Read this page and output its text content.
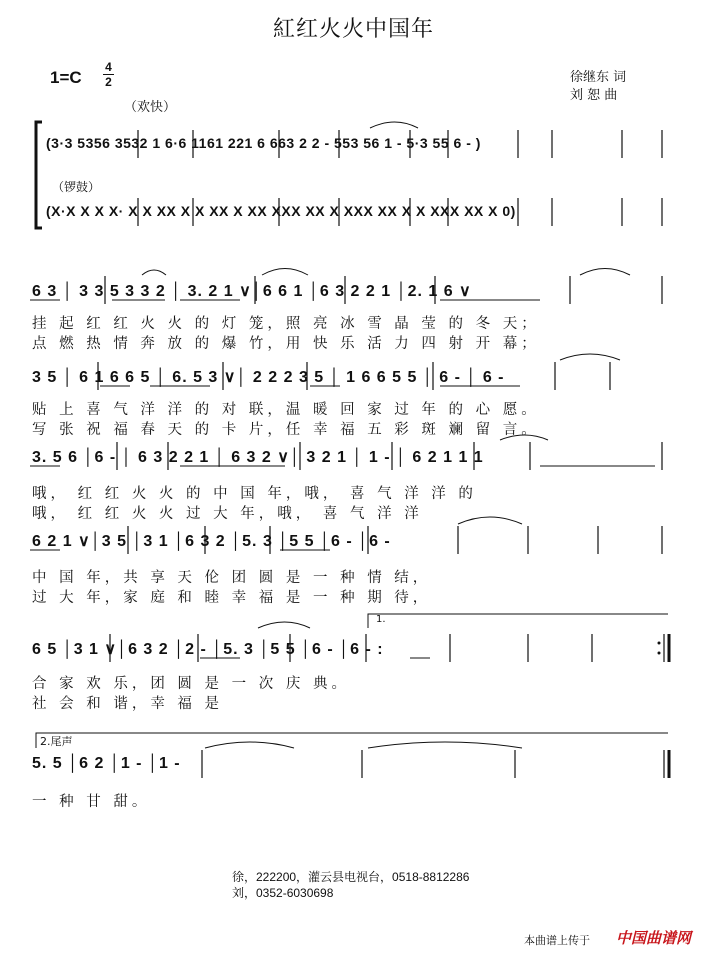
紅红火火中国年
1=C
4
2
（欢快）
徐继东 词
刘 恕 曲
(3·3 5356 3532 1 6·6 1161 221 6 663 2 2 - 553 56 1 - 5·3 55 6 - )
（锣鼓）
(X·X X X X· X X XX X X XX X XX XXX XX X XXX XX X X XXX XX X 0)
6 3 │ 3 3 5 3 3 2 │ 3. 2 1 ∨│6 6 1 │6 3 2 2 1 │2. 1 6 ∨
挂 起 红 红 火 火 的 灯 笼，照 亮 冰 雪 晶 莹 的 冬 天；
点 燃 热 情 奔 放 的 爆 竹，用 快 乐 活 力 四 射 开 幕；
3 5 │ 6 1 6 6 5 │ 6. 5 3 ∨│ 2 2 2 3 5 │ 1 6 6 5 5 │ 6 - │ 6 -
贴 上 喜 气 洋 洋 的 对 联，温 暖 回 家 过 年 的 心 愿。
写 张 祝 福 春 天 的 卡 片，任 幸 福 五 彩 斑 斓 留 言。
3. 5 6 │6 - │ 6 3 2 2 1 │ 6 3 2 ∨│ 3 2 1 │ 1 - │ 6 2 1 1 1
哦， 红 红 火 火 的 中 国 年，哦， 喜 气 洋 洋 的
哦， 红 红 火 火 过 大 年，哦， 喜 气 洋 洋
6 2 1 ∨│3 5 │3 1 │6 3 2 │5. 3 │5 5 │6 - │6 -
中 国 年，共 享 天 伦 团 圆 是 一 种 情 结，
过 大 年，家 庭 和 睦 幸 福 是 一 种 期 待，
1.
6 5 │3 1 ∨│6 3 2 │2 - │5. 3 │5 5 │6 - │6 - :
合 家 欢 乐，团 圆 是 一 次 庆 典。
社 会 和 谐，幸 福 是
2.尾声
5. 5 │6 2 │1 - │1 -
一 种 甘 甜。
徐，222200，灌云县电视台，0518-8812286
刘，0352-6030698
本曲谱上传于 中国曲谱网
